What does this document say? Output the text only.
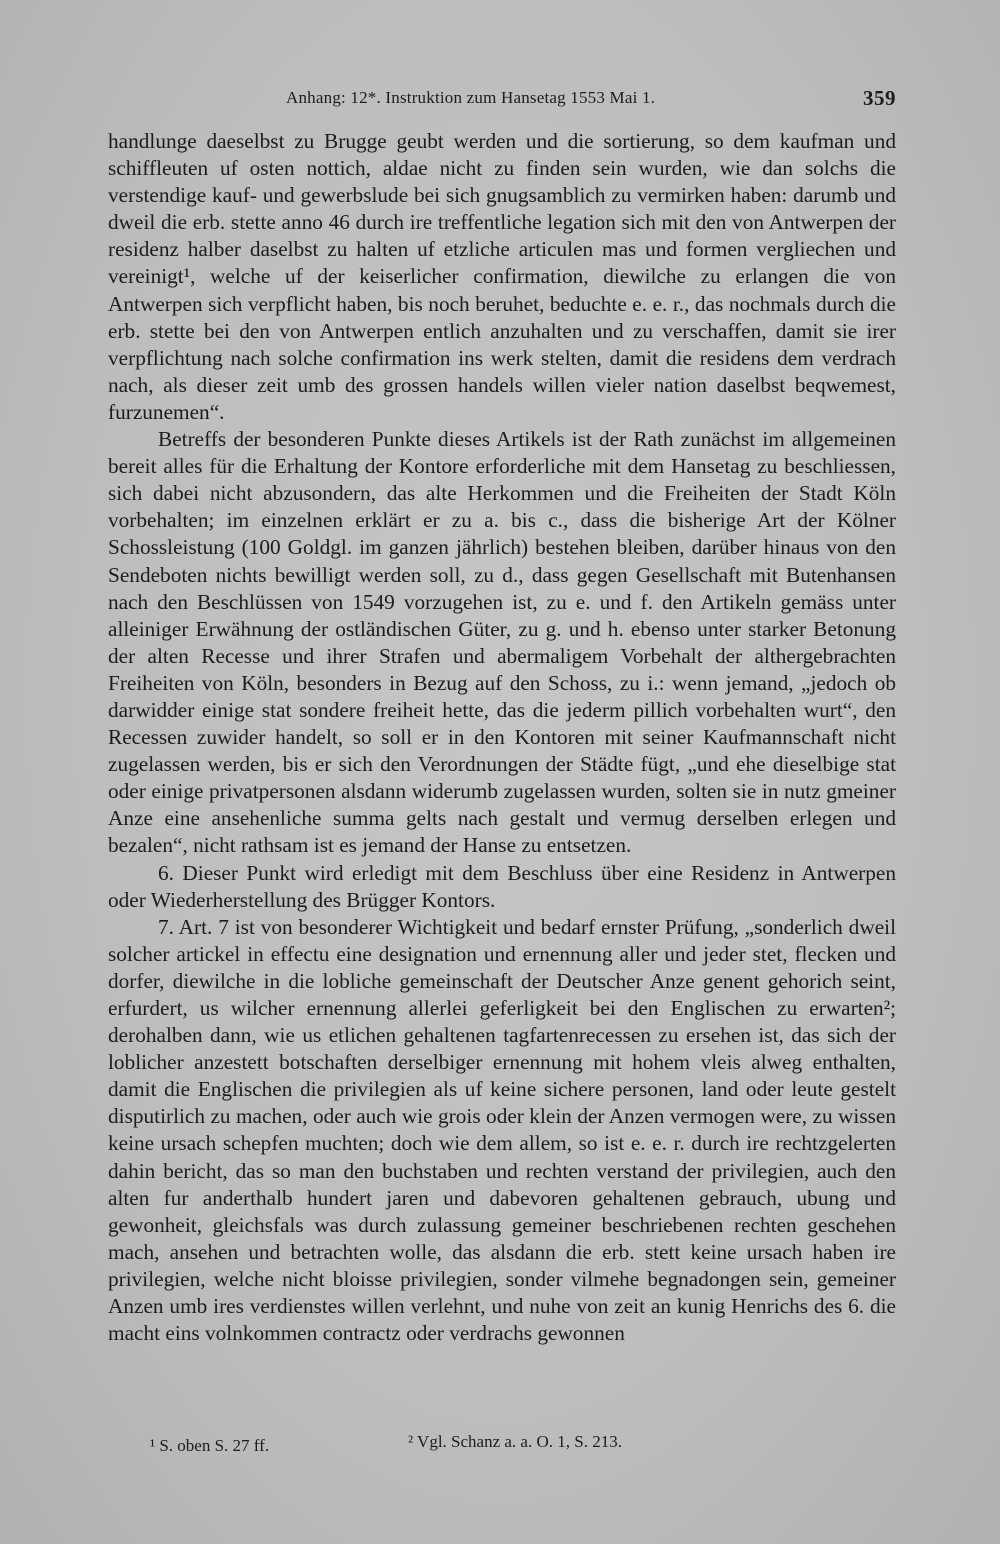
Anhang: 12*. Instruktion zum Hansetag 1553 Mai 1.	359

handlunge daeselbst zu Brugge geubt werden und die sortierung, so dem kaufman und schiffleuten uf osten nottich, aldae nicht zu finden sein wurden, wie dan solchs die verstendige kauf- und gewerbslude bei sich gnugsamblich zu vermirken haben: darumb und dweil die erb. stette anno 46 durch ire treffentliche legation sich mit den von Antwerpen der residenz halber daselbst zu halten uf etzliche articulen mas und formen vergliechen und vereinigt¹, welche uf der keiserlicher confirmation, diewilche zu erlangen die von Antwerpen sich verpflicht haben, bis noch beruhet, beduchte e. e. r., das nochmals durch die erb. stette bei den von Antwerpen entlich anzuhalten und zu verschaffen, damit sie irer verpflichtung nach solche confirmation ins werk stelten, damit die residens dem verdrach nach, als dieser zeit umb des grossen handels willen vieler nation daselbst beqwemest, furzunemen“.

Betreffs der besonderen Punkte dieses Artikels ist der Rath zunächst im allgemeinen bereit alles für die Erhaltung der Kontore erforderliche mit dem Hansetag zu beschliessen, sich dabei nicht abzusondern, das alte Herkommen und die Freiheiten der Stadt Köln vorbehalten; im einzelnen erklärt er zu a. bis c., dass die bisherige Art der Kölner Schossleistung (100 Goldgl. im ganzen jährlich) bestehen bleiben, darüber hinaus von den Sendeboten nichts bewilligt werden soll, zu d., dass gegen Gesellschaft mit Butenhansen nach den Beschlüssen von 1549 vorzugehen ist, zu e. und f. den Artikeln gemäss unter alleiniger Erwähnung der ostländischen Güter, zu g. und h. ebenso unter starker Betonung der alten Recesse und ihrer Strafen und abermaligem Vorbehalt der althergebrachten Freiheiten von Köln, besonders in Bezug auf den Schoss, zu i.: wenn jemand, „jedoch ob darwidder einige stat sondere freiheit hette, das die jederm pillich vorbehalten wurt“, den Recessen zuwider handelt, so soll er in den Kontoren mit seiner Kaufmannschaft nicht zugelassen werden, bis er sich den Verordnungen der Städte fügt, „und ehe dieselbige stat oder einige privatpersonen alsdann widerumb zugelassen wurden, solten sie in nutz gmeiner Anze eine ansehenliche summa gelts nach gestalt und vermug derselben erlegen und bezalen“, nicht rathsam ist es jemand der Hanse zu entsetzen.

6. Dieser Punkt wird erledigt mit dem Beschluss über eine Residenz in Antwerpen oder Wiederherstellung des Brügger Kontors.

7. Art. 7 ist von besonderer Wichtigkeit und bedarf ernster Prüfung, „sonderlich dweil solcher artickel in effectu eine designation und ernennung aller und jeder stet, flecken und dorfer, diewilche in die lobliche gemeinschaft der Deutscher Anze genent gehorich seint, erfurdert, us wilcher ernennung allerlei geferligkeit bei den Englischen zu erwarten²; derohalben dann, wie us etlichen gehaltenen tagfartenrecessen zu ersehen ist, das sich der loblicher anzestett botschaften derselbiger ernennung mit hohem vleis alweg enthalten, damit die Englischen die privilegien als uf keine sichere personen, land oder leute gestelt disputirlich zu machen, oder auch wie grois oder klein der Anzen vermogen were, zu wissen keine ursach schepfen muchten; doch wie dem allem, so ist e. e. r. durch ire rechtzgelerten dahin bericht, das so man den buchstaben und rechten verstand der privilegien, auch den alten fur anderthalb hundert jaren und dabevoren gehaltenen gebrauch, ubung und gewonheit, gleichsfals was durch zulassung gemeiner beschriebenen rechten geschehen mach, ansehen und betrachten wolle, das alsdann die erb. stett keine ursach haben ire privilegien, welche nicht bloisse privilegien, sonder vilmehe begnadongen sein, gemeiner Anzen umb ires verdienstes willen verlehnt, und nuhe von zeit an kunig Henrichs des 6. die macht eins volnkommen contractz oder verdrachs gewonnen

¹ S. oben S. 27 ff.	² Vgl. Schanz a. a. O. 1, S. 213.
